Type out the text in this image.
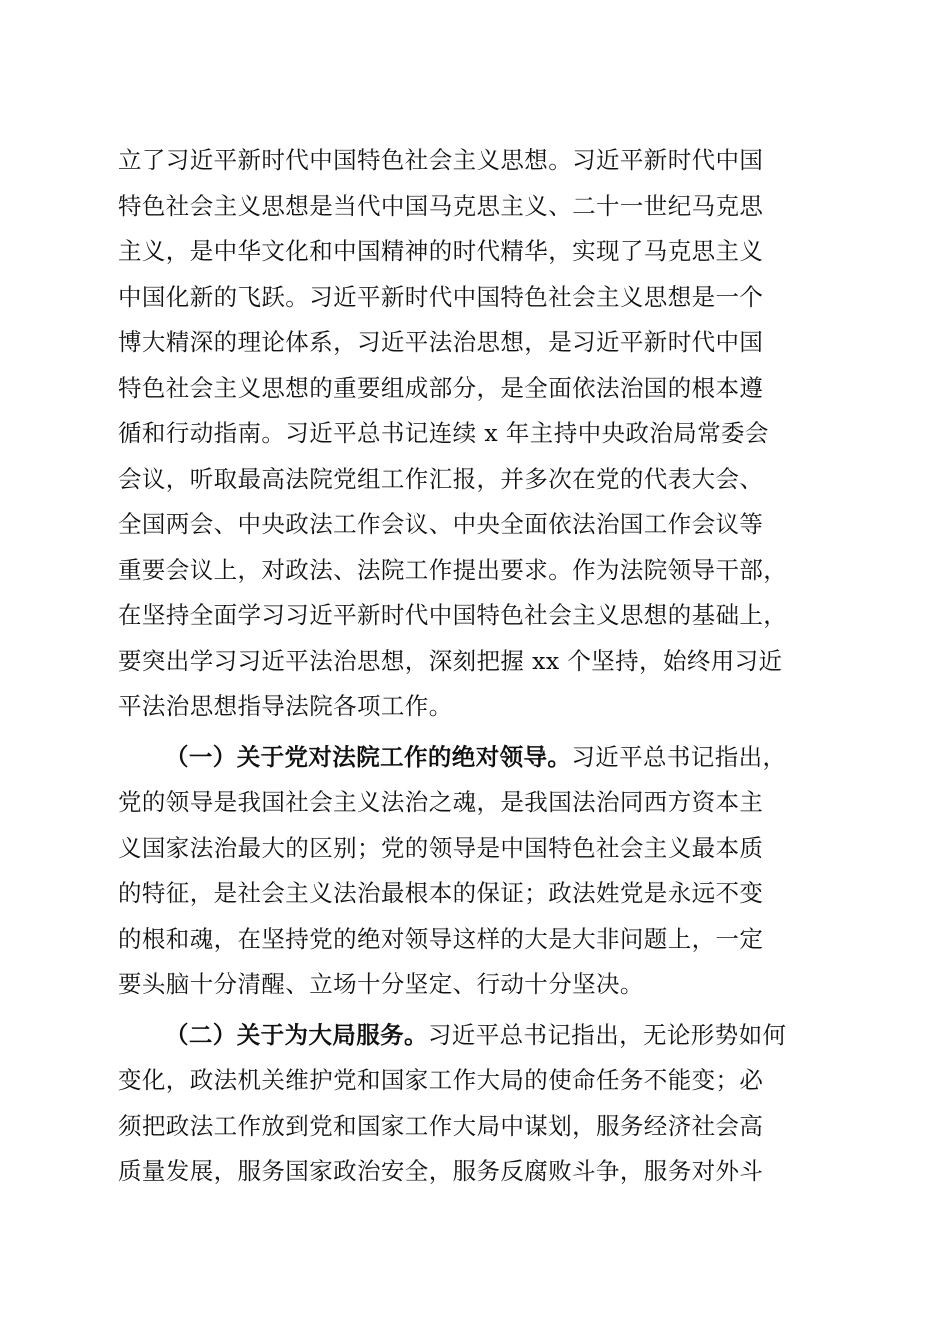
立了习近平新时代中国特色社会主义思想。习近平新时代中国
特色社会主义思想是当代中国马克思主义、二十一世纪马克思
主义，是中华文化和中国精神的时代精华，实现了马克思主义
中国化新的飞跃。习近平新时代中国特色社会主义思想是一个
博大精深的理论体系，习近平法治思想，是习近平新时代中国
特色社会主义思想的重要组成部分，是全面依法治国的根本遵
循和行动指南。习近平总书记连续 x 年主持中央政治局常委会
会议，听取最高法院党组工作汇报，并多次在党的代表大会、
全国两会、中央政法工作会议、中央全面依法治国工作会议等
重要会议上，对政法、法院工作提出要求。作为法院领导干部，
在坚持全面学习习近平新时代中国特色社会主义思想的基础上，
要突出学习习近平法治思想，深刻把握 xx 个坚持，始终用习近
平法治思想指导法院各项工作。
（一）关于党对法院工作的绝对领导。习近平总书记指出，
党的领导是我国社会主义法治之魂，是我国法治同西方资本主
义国家法治最大的区别；党的领导是中国特色社会主义最本质
的特征，是社会主义法治最根本的保证；政法姓党是永远不变
的根和魂，在坚持党的绝对领导这样的大是大非问题上，一定
要头脑十分清醒、立场十分坚定、行动十分坚决。
（二）关于为大局服务。习近平总书记指出，无论形势如何
变化，政法机关维护党和国家工作大局的使命任务不能变；必
须把政法工作放到党和国家工作大局中谋划，服务经济社会高
质量发展，服务国家政治安全，服务反腐败斗争，服务对外斗
